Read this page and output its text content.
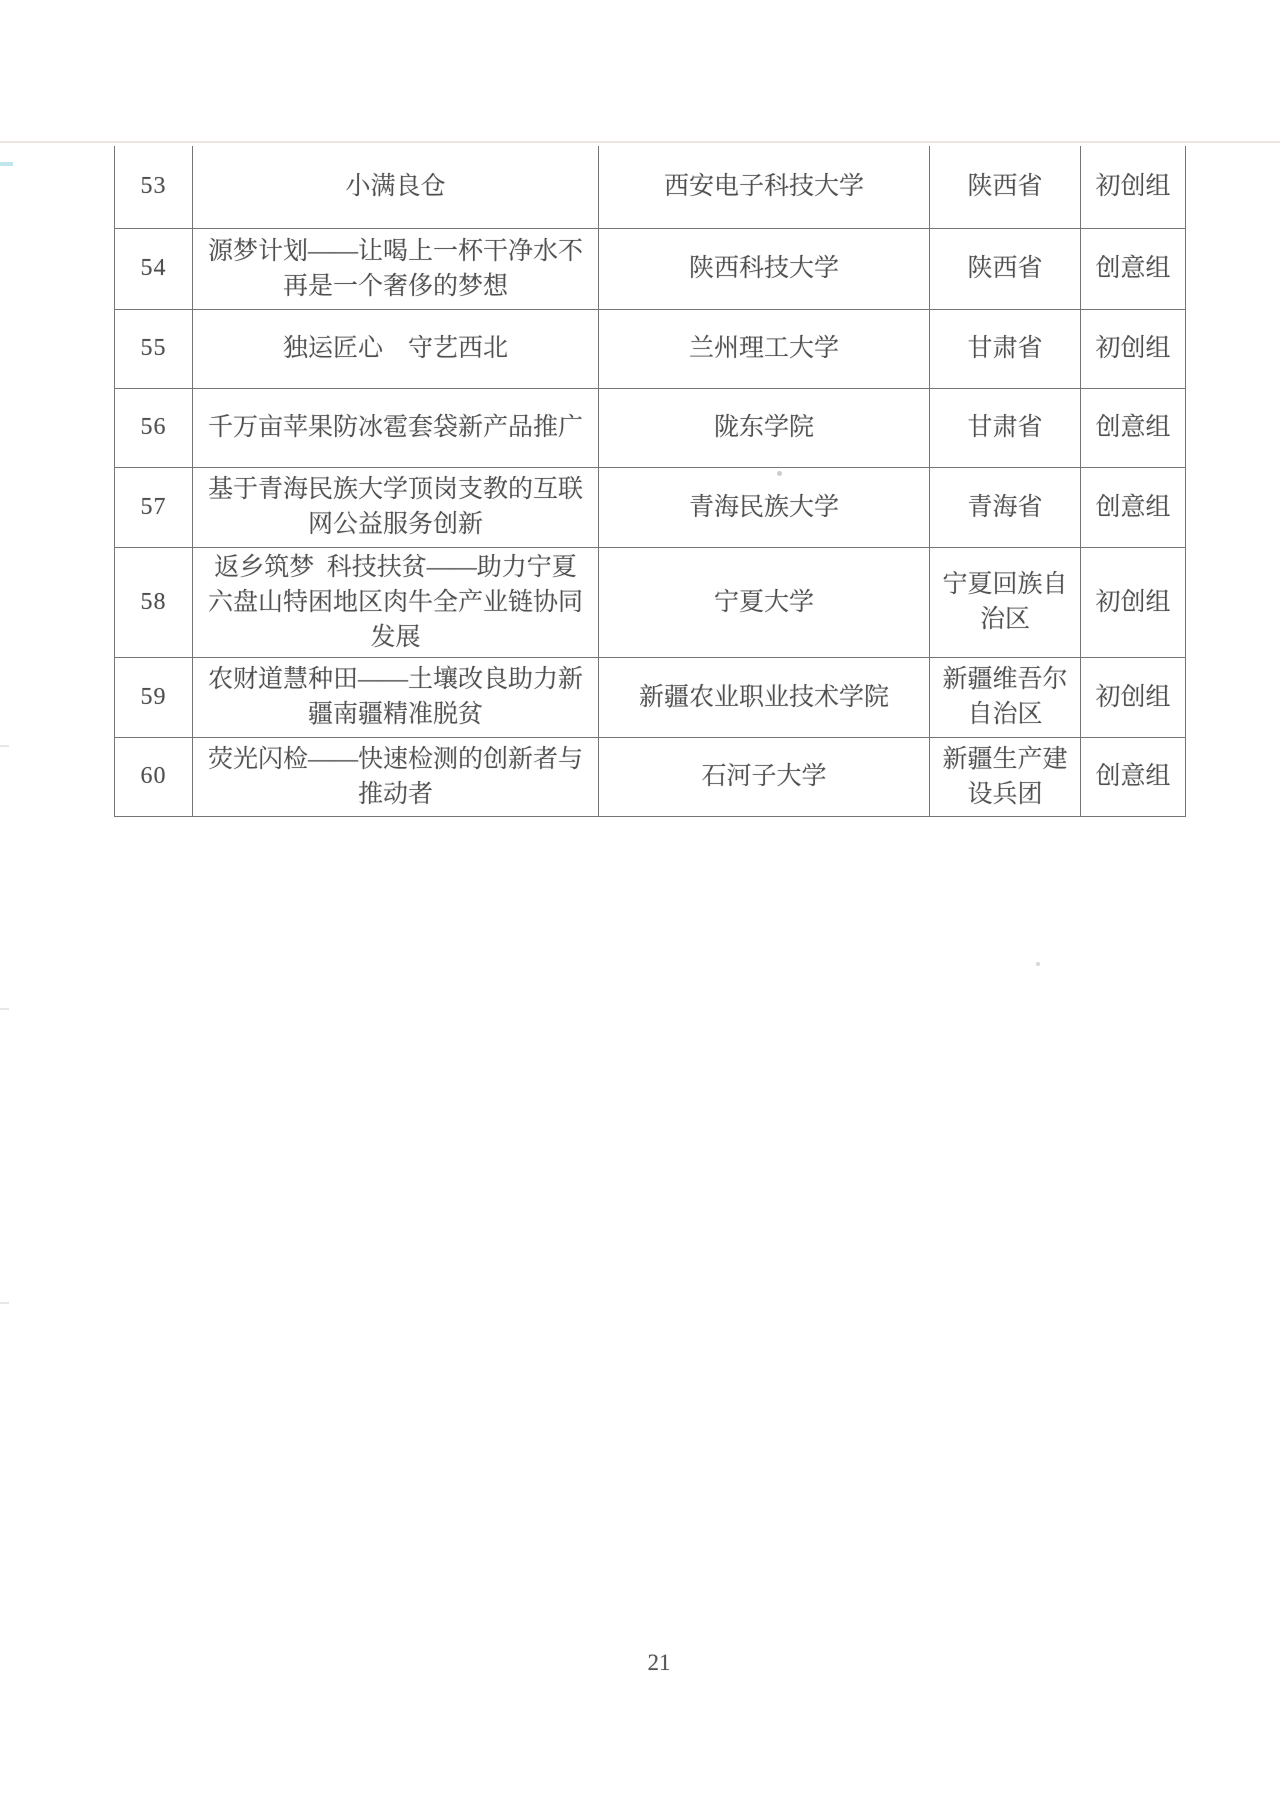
53	小满良仓	西安电子科技大学	陕西省	初创组
54	源梦计划——让喝上一杯干净水不再是一个奢侈的梦想	陕西科技大学	陕西省	创意组
55	独运匠心　守艺西北	兰州理工大学	甘肃省	初创组
56	千万亩苹果防冰雹套袋新产品推广	陇东学院	甘肃省	创意组
57	基于青海民族大学顶岗支教的互联网公益服务创新	青海民族大学	青海省	创意组
58	返乡筑梦 科技扶贫——助力宁夏六盘山特困地区肉牛全产业链协同发展	宁夏大学	宁夏回族自治区	初创组
59	农财道慧种田——土壤改良助力新疆南疆精准脱贫	新疆农业职业技术学院	新疆维吾尔自治区	初创组
60	荧光闪检——快速检测的创新者与推动者	石河子大学	新疆生产建设兵团	创意组
21
